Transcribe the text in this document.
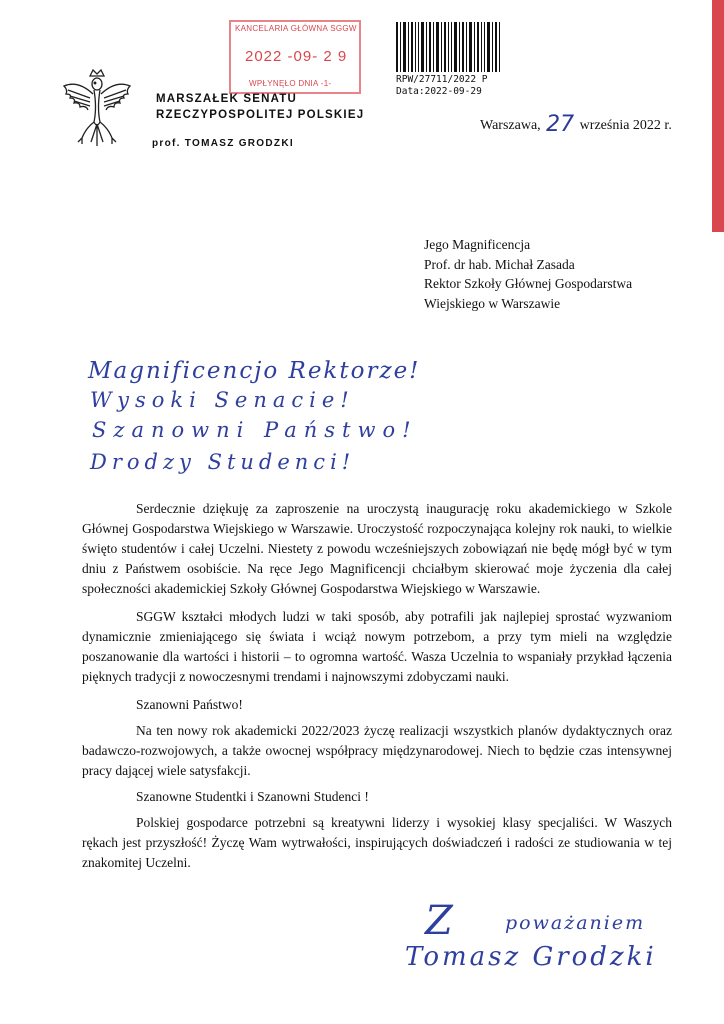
KANCELARIA GŁÓWNA SGGW
2022 -09- 2 9
WPŁYNĘŁO DNIA -1-	RPW/27711/2022 P
Data:2022-09-29
MARSZAŁEK SENATU
RZECZYPOSPOLITEJ POLSKIEJ
prof. TOMASZ GRODZKI
Warszawa, 27 września 2022 r.
Jego Magnificencja
Prof. dr hab. Michał Zasada
Rektor Szkoły Głównej Gospodarstwa
Wiejskiego w Warszawie
Magnificencjo Rektorze!
Wysoki Senacie!
Szanowni Państwo!
Drodzy Studenci!

Serdecznie dziękuję za zaproszenie na uroczystą inaugurację roku akademickiego w Szkole Głównej Gospodarstwa Wiejskiego w Warszawie. Uroczystość rozpoczynająca kolejny rok nauki, to wielkie święto studentów i całej Uczelni. Niestety z powodu wcześniejszych zobowiązań nie będę mógł być w tym dniu z Państwem osobiście. Na ręce Jego Magnificencji chciałbym skierować moje życzenia dla całej społeczności akademickiej Szkoły Głównej Gospodarstwa Wiejskiego w Warszawie.

SGGW kształci młodych ludzi w taki sposób, aby potrafili jak najlepiej sprostać wyzwaniom dynamicznie zmieniającego się świata i wciąż nowym potrzebom, a przy tym mieli na względzie poszanowanie dla wartości i historii – to ogromna wartość. Wasza Uczelnia to wspaniały przykład łączenia pięknych tradycji z nowoczesnymi trendami i najnowszymi zdobyczami nauki.

Szanowni Państwo!

Na ten nowy rok akademicki 2022/2023 życzę realizacji wszystkich planów dydaktycznych oraz badawczo-rozwojowych, a także owocnej współpracy międzynarodowej. Niech to będzie czas intensywnej pracy dającej wiele satysfakcji.

Szanowne Studentki i Szanowni Studenci !

Polskiej gospodarce potrzebni są kreatywni liderzy i wysokiej klasy specjaliści. W Waszych rękach jest przyszłość! Życzę Wam wytrwałości, inspirujących doświadczeń i radości ze studiowania w tej znakomitej Uczelni.

Z	poważaniem
Tomasz Grodzki
